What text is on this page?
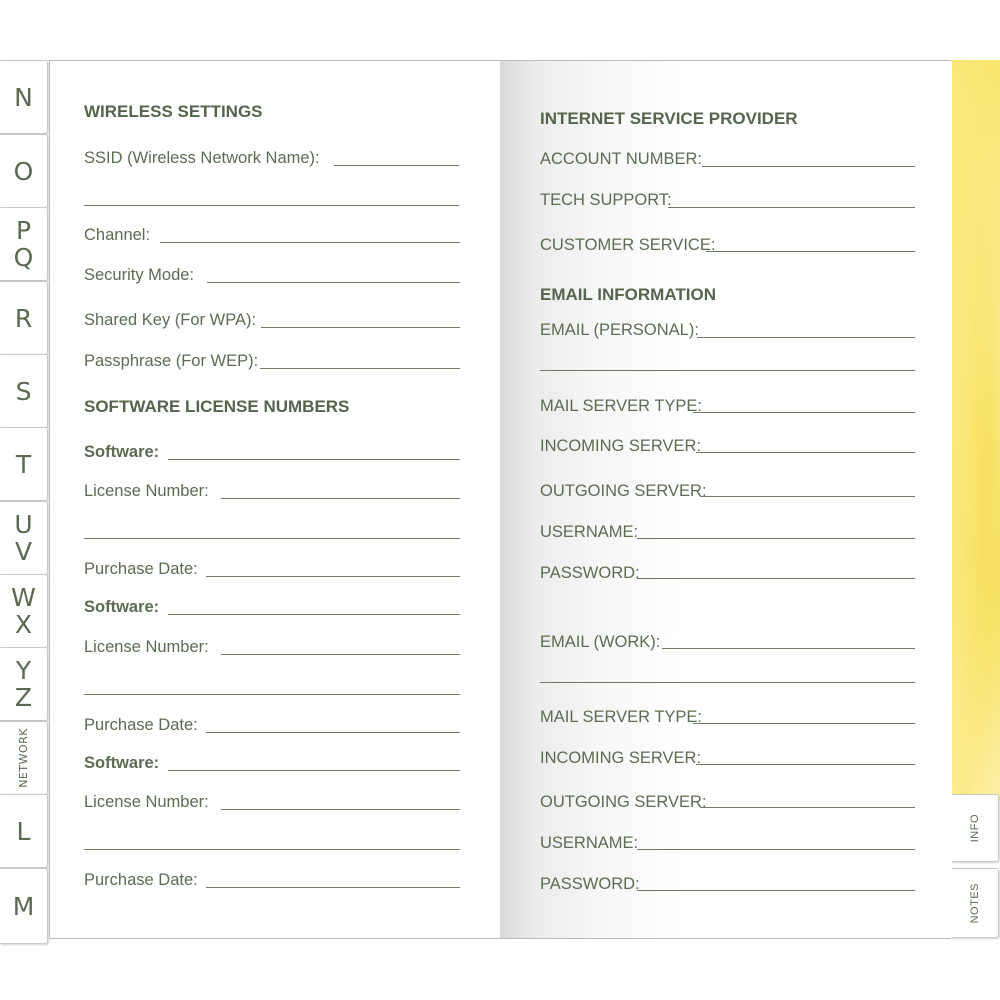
N
O
P
Q
R
S
T
U
V
W
X
Y
Z
NETWORK
L
M
INFO
NOTES
WIRELESS SETTINGS
SSID (Wireless Network Name):
Channel:
Security Mode:
Shared Key (For WPA):
Passphrase (For WEP):
SOFTWARE LICENSE NUMBERS
Software:
License Number:
Purchase Date:
Software:
License Number:
Purchase Date:
Software:
License Number:
Purchase Date:
INTERNET SERVICE PROVIDER
ACCOUNT NUMBER:
TECH SUPPORT:
CUSTOMER SERVICE:
EMAIL INFORMATION
EMAIL (PERSONAL):
MAIL SERVER TYPE:
INCOMING SERVER:
OUTGOING SERVER:
USERNAME:
PASSWORD:
EMAIL (WORK):
MAIL SERVER TYPE:
INCOMING SERVER:
OUTGOING SERVER:
USERNAME:
PASSWORD:
